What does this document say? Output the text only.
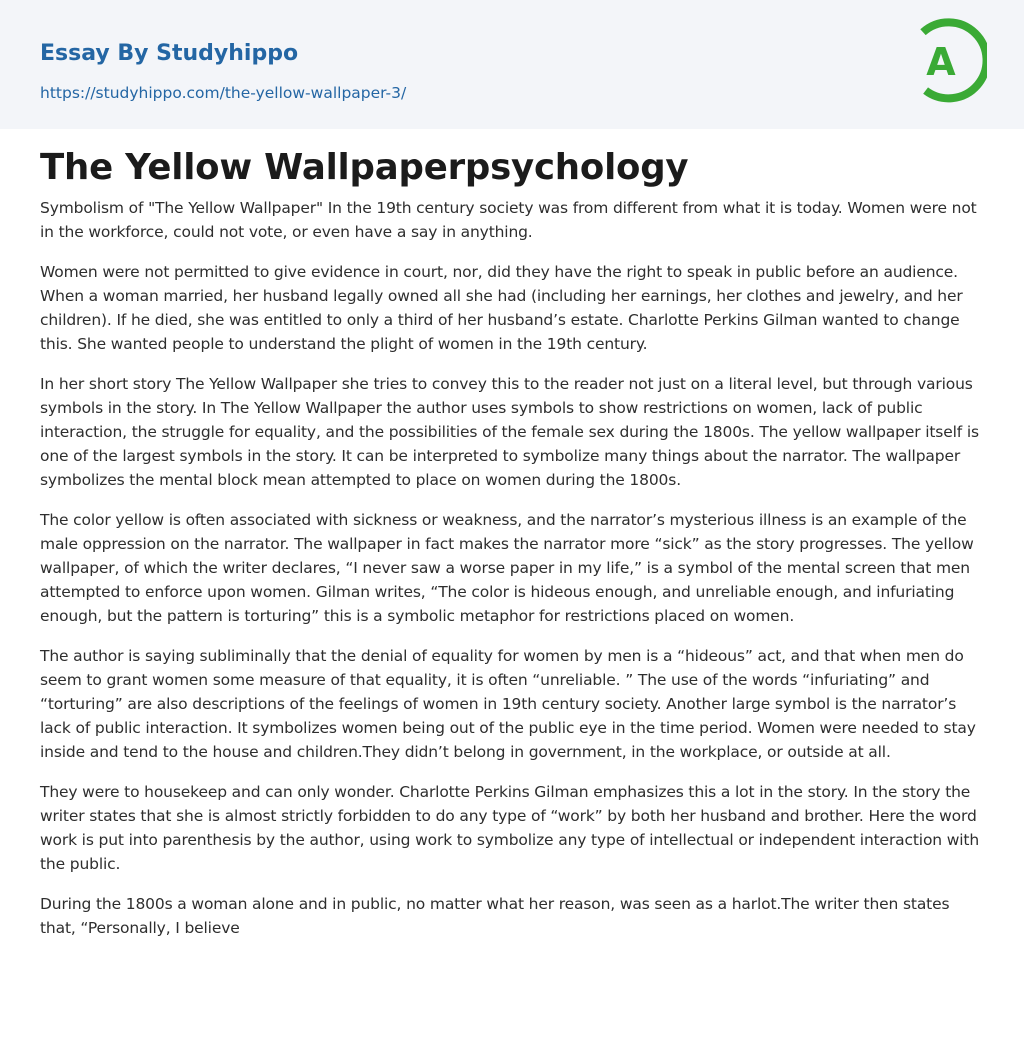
Essay By Studyhippo
https://studyhippo.com/the-yellow-wallpaper-3/
A
The Yellow Wallpaperpsychology

Symbolism of "The Yellow Wallpaper" In the 19th century society was from different from what it is today. Women were not in the workforce, could not vote, or even have a say in anything.

Women were not permitted to give evidence in court, nor, did they have the right to speak in public before an audience. When a woman married, her husband legally owned all she had (including her earnings, her clothes and jewelry, and her children). If he died, she was entitled to only a third of her husband’s estate. Charlotte Perkins Gilman wanted to change this. She wanted people to understand the plight of women in the 19th century.

In her short story The Yellow Wallpaper she tries to convey this to the reader not just on a literal level, but through various symbols in the story. In The Yellow Wallpaper the author uses symbols to show restrictions on women, lack of public interaction, the struggle for equality, and the possibilities of the female sex during the 1800s. The yellow wallpaper itself is one of the largest symbols in the story. It can be interpreted to symbolize many things about the narrator. The wallpaper symbolizes the mental block mean attempted to place on women during the 1800s.

The color yellow is often associated with sickness or weakness, and the narrator’s mysterious illness is an example of the male oppression on the narrator. The wallpaper in fact makes the narrator more “sick” as the story progresses. The yellow wallpaper, of which the writer declares, “I never saw a worse paper in my life,” is a symbol of the mental screen that men attempted to enforce upon women. Gilman writes, “The color is hideous enough, and unreliable enough, and infuriating enough, but the pattern is torturing” this is a symbolic metaphor for restrictions placed on women.

The author is saying subliminally that the denial of equality for women by men is a “hideous” act, and that when men do seem to grant women some measure of that equality, it is often “unreliable. ” The use of the words “infuriating” and “torturing” are also descriptions of the feelings of women in 19th century society. Another large symbol is the narrator’s lack of public interaction. It symbolizes women being out of the public eye in the time period. Women were needed to stay inside and tend to the house and children.They didn’t belong in government, in the workplace, or outside at all.

They were to housekeep and can only wonder. Charlotte Perkins Gilman emphasizes this a lot in the story. In the story the writer states that she is almost strictly forbidden to do any type of “work” by both her husband and brother. Here the word work is put into parenthesis by the author, using work to symbolize any type of intellectual or independent interaction with the public.

During the 1800s a woman alone and in public, no matter what her reason, was seen as a harlot.The writer then states that, “Personally, I believe
